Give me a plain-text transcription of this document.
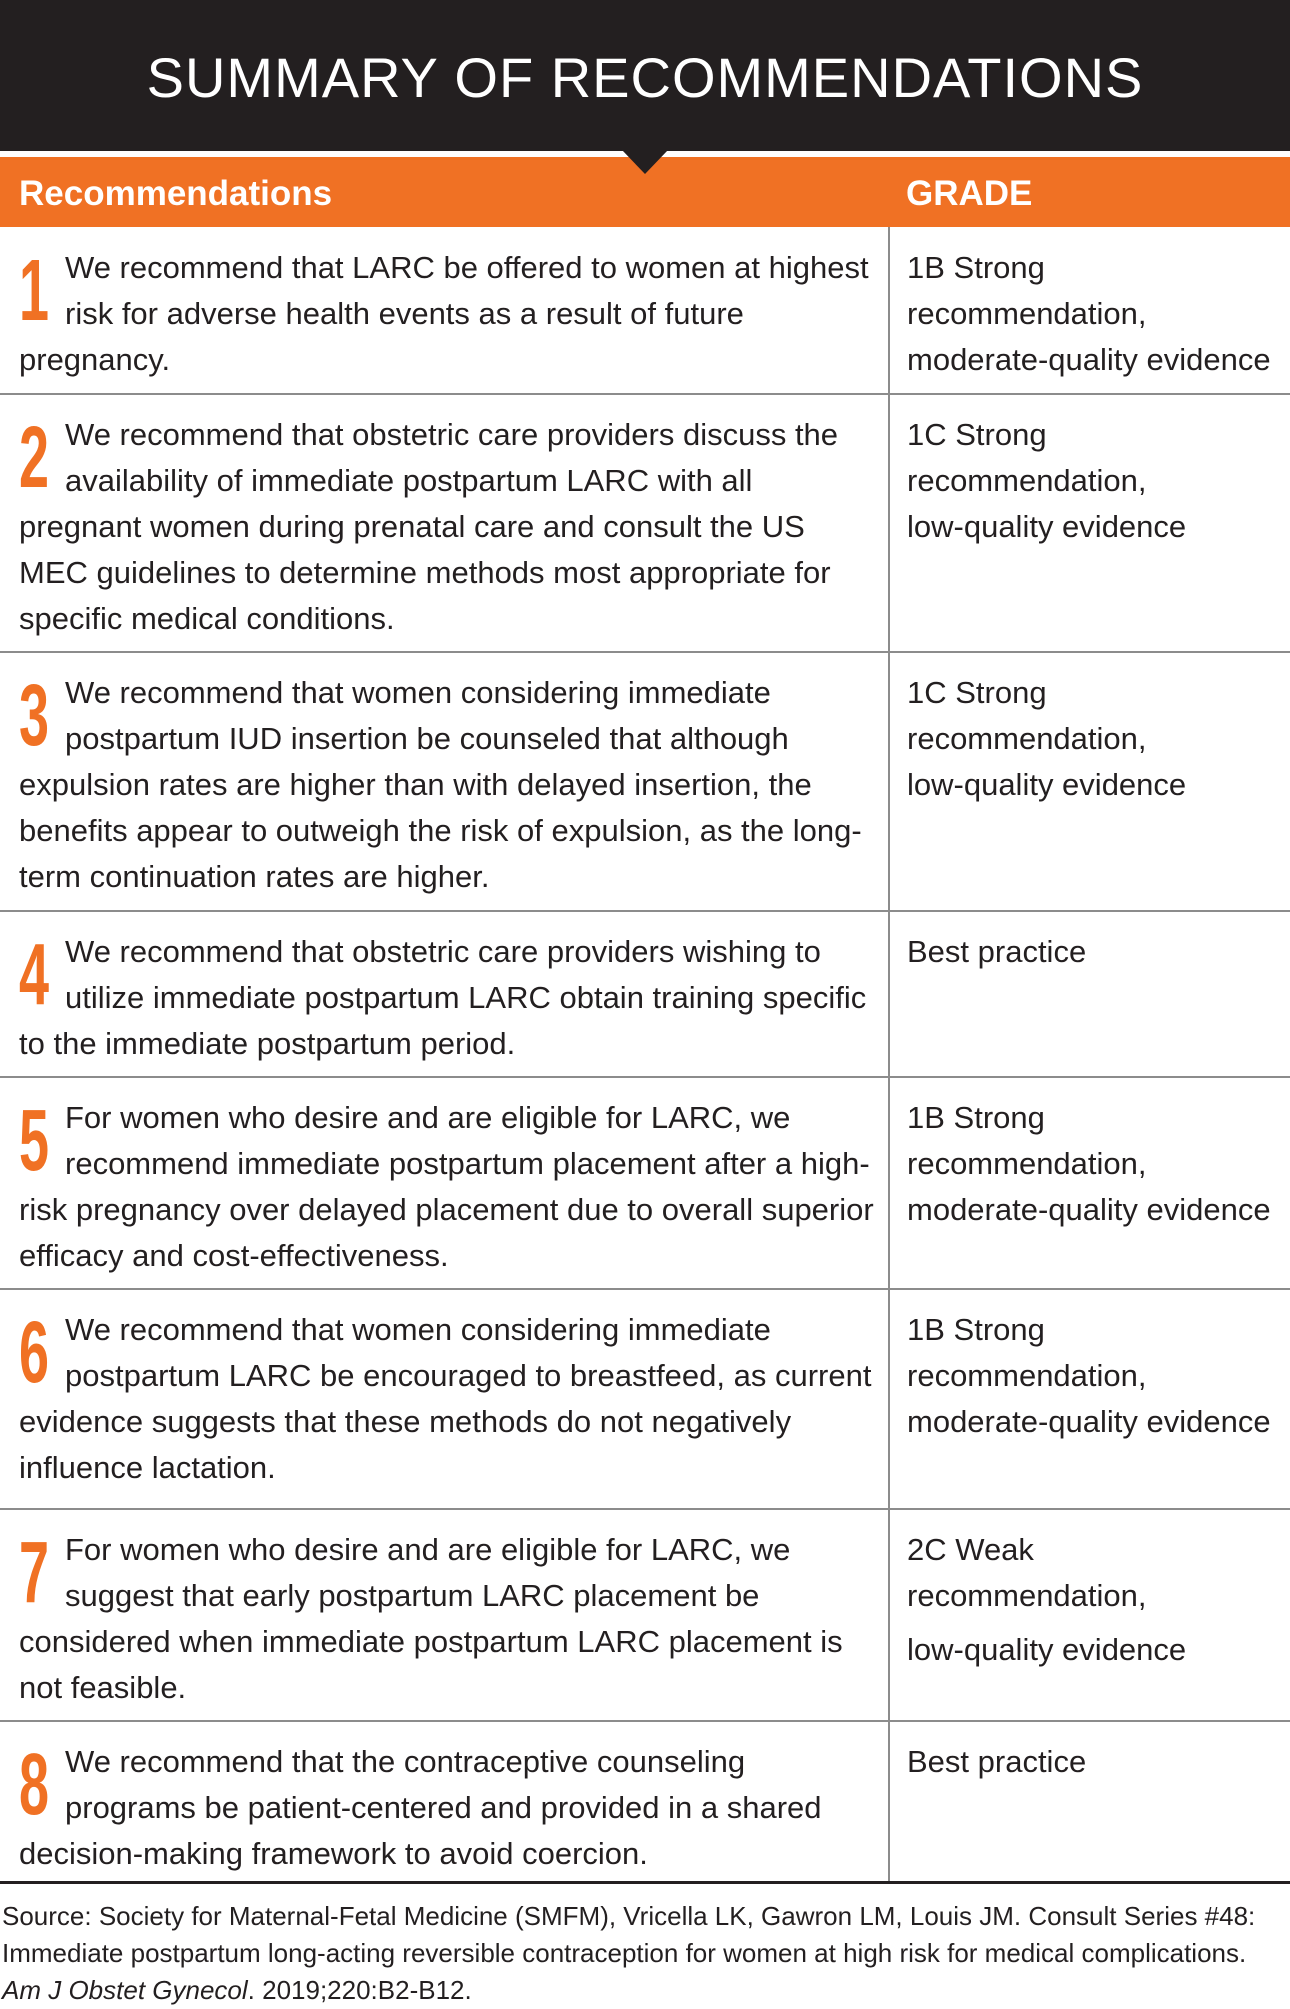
SUMMARY OF RECOMMENDATIONS
Recommendations	GRADE
1 We recommend that LARC be offered to women at highest risk for adverse health events as a result of future pregnancy.
1B Strong
recommendation,
moderate-quality evidence
2 We recommend that obstetric care providers discuss the availability of immediate postpartum LARC with all pregnant women during prenatal care and consult the US MEC guidelines to determine methods most appropriate for specific medical conditions.
1C Strong
recommendation,
low-quality evidence
3 We recommend that women considering immediate postpartum IUD insertion be counseled that although expulsion rates are higher than with delayed insertion, the benefits appear to outweigh the risk of expulsion, as the long-term continuation rates are higher.
1C Strong
recommendation,
low-quality evidence
4 We recommend that obstetric care providers wishing to utilize immediate postpartum LARC obtain training specific to the immediate postpartum period.
Best practice
5 For women who desire and are eligible for LARC, we recommend immediate postpartum placement after a high-risk pregnancy over delayed placement due to overall superior efficacy and cost-effectiveness.
1B Strong
recommendation,
moderate-quality evidence
6 We recommend that women considering immediate postpartum LARC be encouraged to breastfeed, as current evidence suggests that these methods do not negatively influence lactation.
1B Strong
recommendation,
moderate-quality evidence
7 For women who desire and are eligible for LARC, we suggest that early postpartum LARC placement be considered when immediate postpartum LARC placement is not feasible.
2C Weak
recommendation,
low-quality evidence
8 We recommend that the contraceptive counseling programs be patient-centered and provided in a shared decision-making framework to avoid coercion.
Best practice
Source: Society for Maternal-Fetal Medicine (SMFM), Vricella LK, Gawron LM, Louis JM. Consult Series #48: Immediate postpartum long-acting reversible contraception for women at high risk for medical complications. Am J Obstet Gynecol. 2019;220:B2-B12.
